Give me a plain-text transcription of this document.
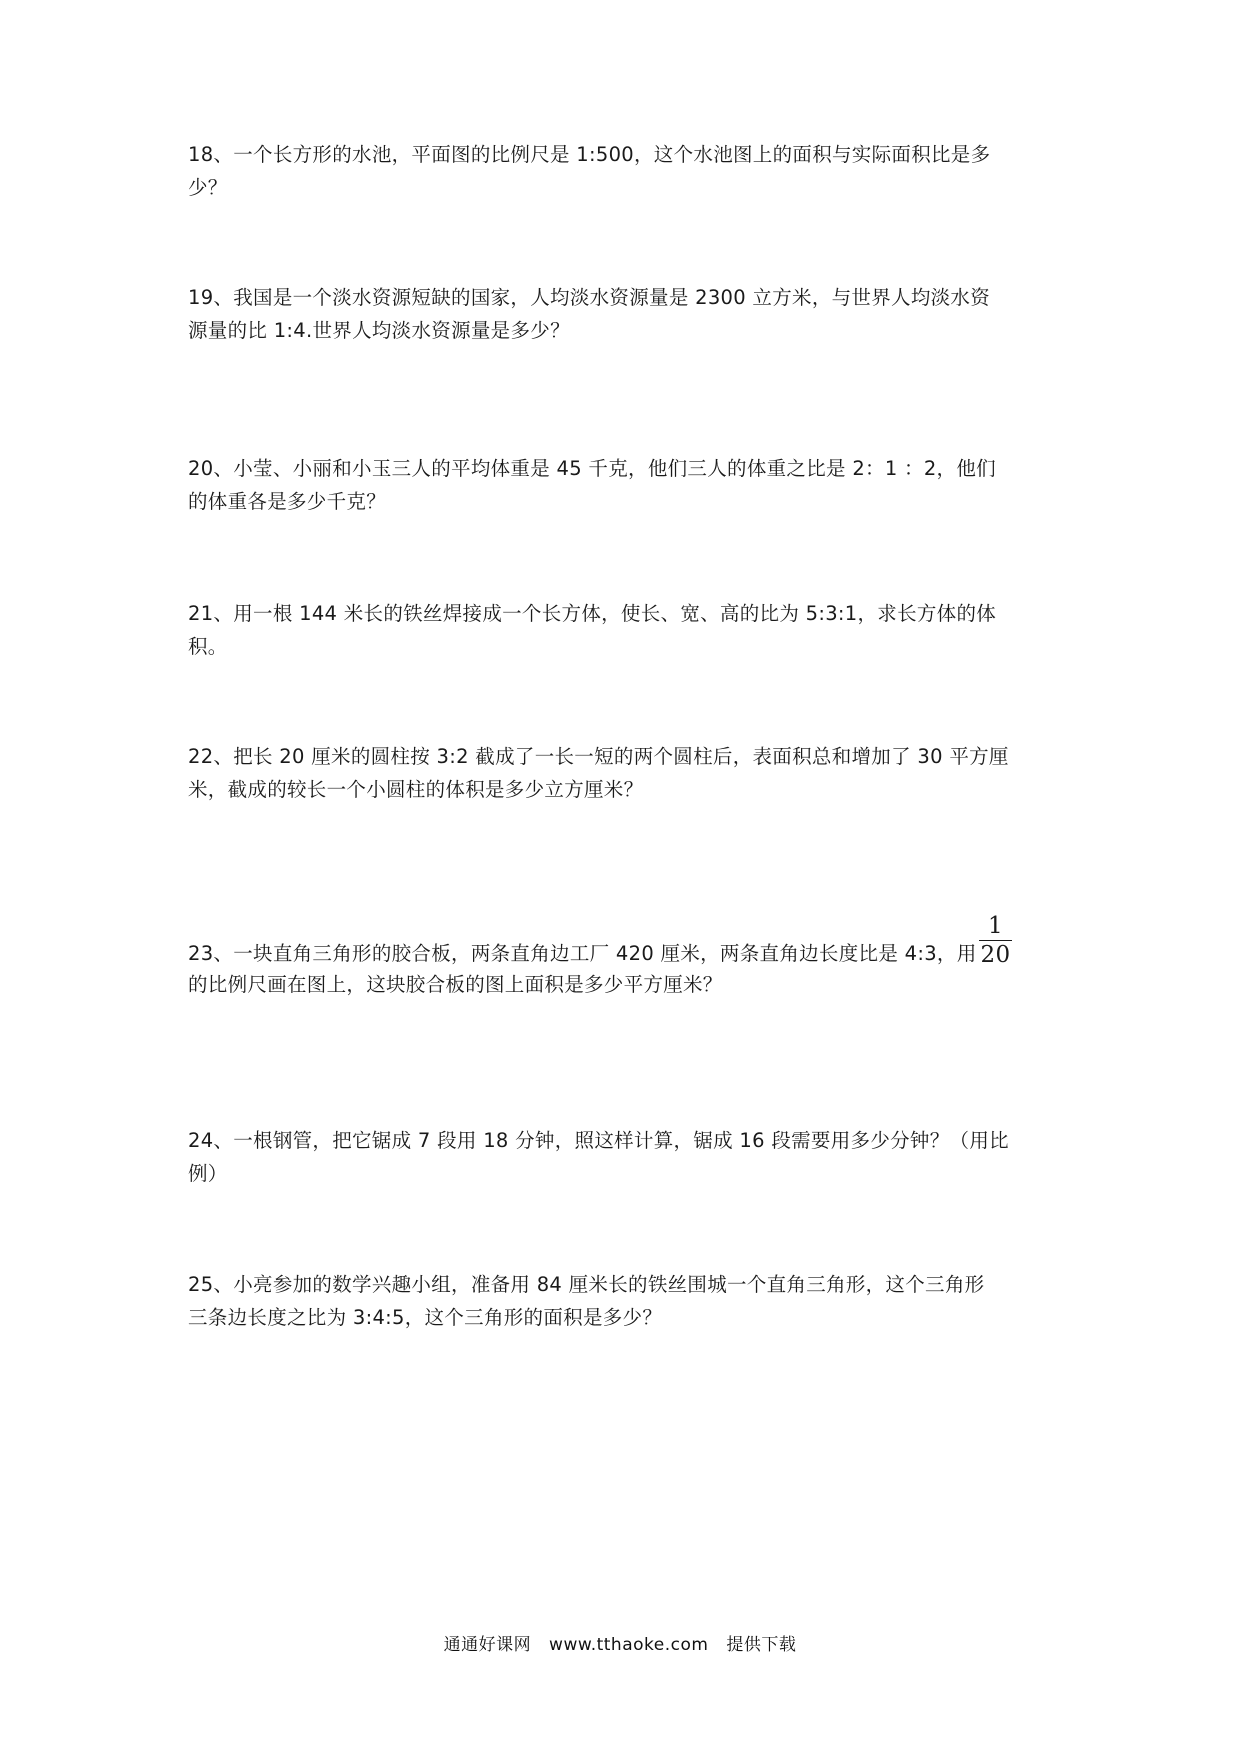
18、一个长方形的水池，平面图的比例尺是 1:500，这个水池图上的面积与实际面积比是多
少？
19、我国是一个淡水资源短缺的国家，人均淡水资源量是 2300 立方米，与世界人均淡水资
源量的比 1:4.世界人均淡水资源量是多少？
20、小莹、小丽和小玉三人的平均体重是 45 千克，他们三人的体重之比是 2：1 ：2，他们
的体重各是多少千克？
21、用一根 144 米长的铁丝焊接成一个长方体，使长、宽、高的比为 5:3:1，求长方体的体
积。
22、把长 20 厘米的圆柱按 3:2 截成了一长一短的两个圆柱后，表面积总和增加了 30 平方厘
米，截成的较长一个小圆柱的体积是多少立方厘米？
23、一块直角三角形的胶合板，两条直角边工厂 420 厘米，两条直角边长度比是 4:3，用 $\frac{1}{20}$
的比例尺画在图上，这块胶合板的图上面积是多少平方厘米？
24、一根钢管，把它锯成 7 段用 18 分钟，照这样计算，锯成 16 段需要用多少分钟？（用比
例）
25、小亮参加的数学兴趣小组，准备用 84 厘米长的铁丝围城一个直角三角形，这个三角形
三条边长度之比为 3:4:5，这个三角形的面积是多少？
通通好课网 www.tthaoke.com 提供下载
